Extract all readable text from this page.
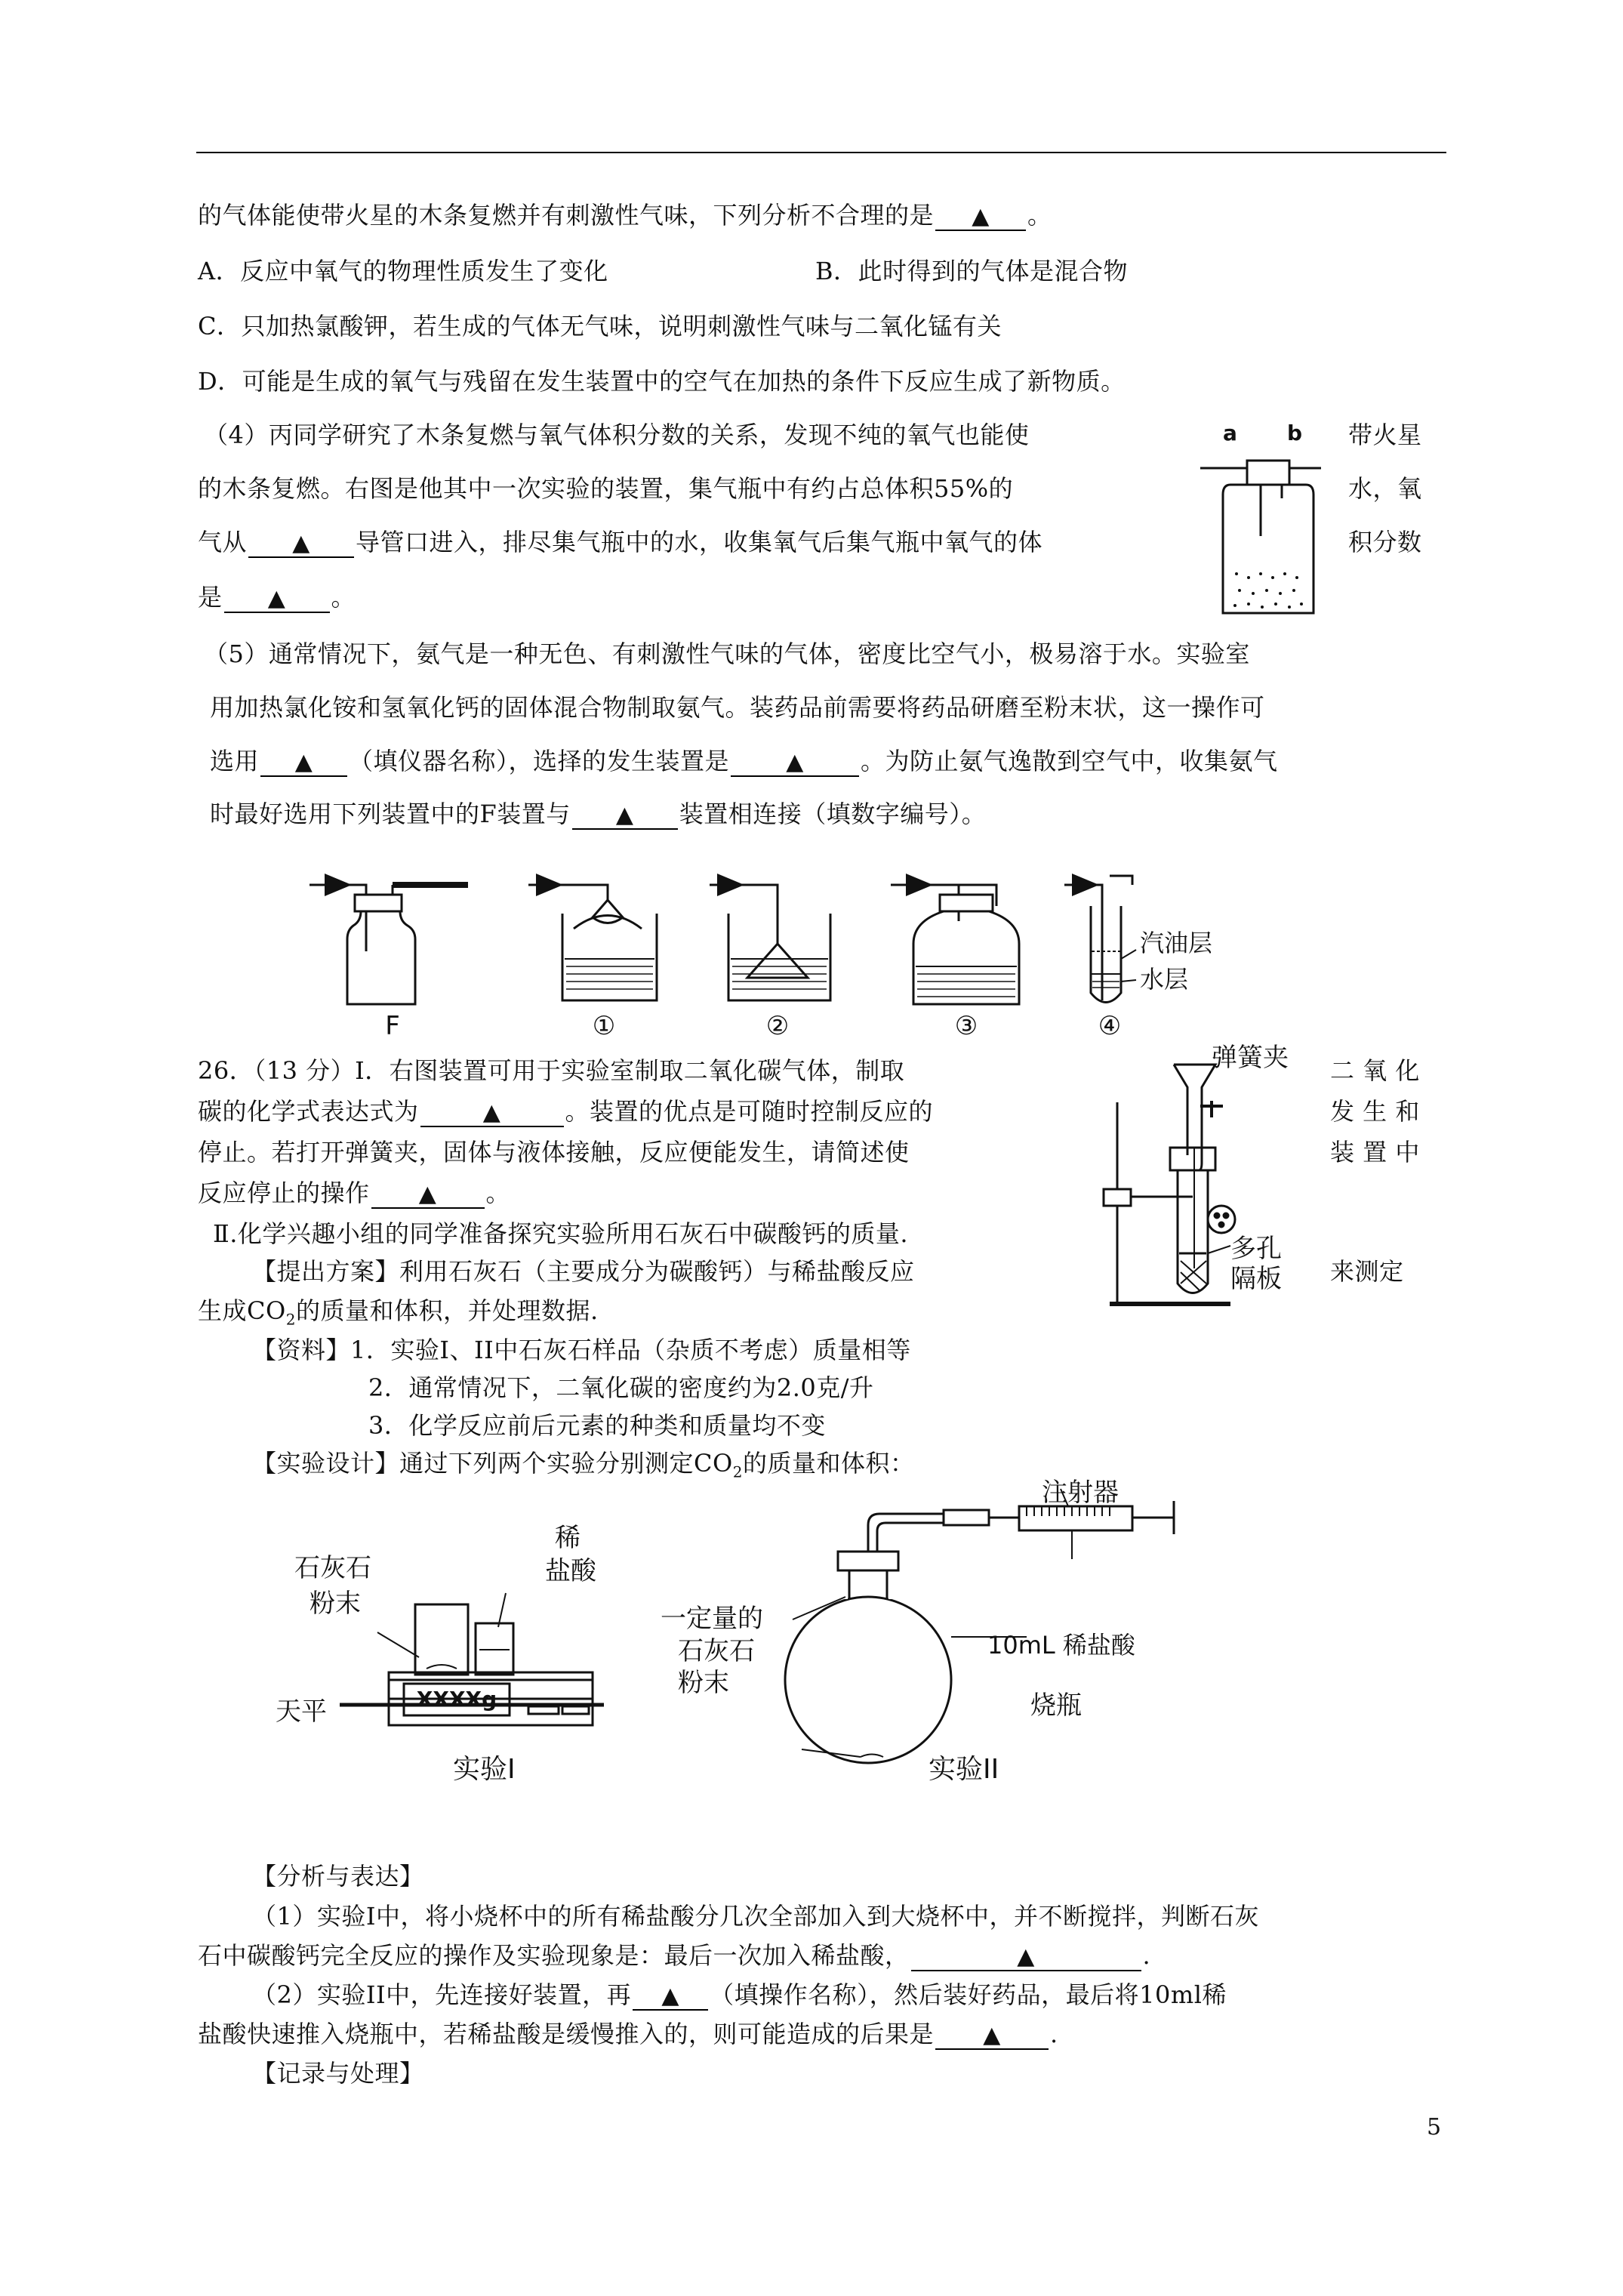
的气体能使带火星的木条复燃并有刺激性气味，下列分析不合理的是 ▲ 。
A．反应中氧气的物理性质发生了变化	B．此时得到的气体是混合物
C．只加热氯酸钾，若生成的气体无气味，说明刺激性气味与二氧化锰有关
D．可能是生成的氧气与残留在发生装置中的空气在加热的条件下反应生成了新物质。
（4）丙同学研究了木条复燃与氧气体积分数的关系，发现不纯的氧气也能使	带火星
的木条复燃。右图是他其中一次实验的装置，集气瓶中有约占总体积55%的	水，氧
气从 ▲ 导管口进入，排尽集气瓶中的水，收集氧气后集气瓶中氧气的体	积分数
是 ▲ 。
a b
（5）通常情况下，氨气是一种无色、有刺激性气味的气体，密度比空气小，极易溶于水。实验室
用加热氯化铵和氢氧化钙的固体混合物制取氨气。装药品前需要将药品研磨至粉末状，这一操作可
选用 ▲ （填仪器名称），选择的发生装置是	▲ 。为防止氨气逸散到空气中，收集氨气
时最好选用下列装置中的F装置与 ▲ 装置相连接（填数字编号）。
F	①	②	③	④
汽油层
水层
26．（13 分）Ⅰ．右图装置可用于实验室制取二氧化碳气体，制取	二 氧 化
碳的化学式表达式为	▲	。装置的优点是可随时控制反应的	发 生 和
停止。若打开弹簧夹，固体与液体接触，反应便能发生，请简述使	装 置 中
反应停止的操作 ▲ 。
Ⅱ.化学兴趣小组的同学准备探究实验所用石灰石中碳酸钙的质量.
【提出方案】利用石灰石（主要成分为碳酸钙）与稀盐酸反应	来测定
生成$CO_2$的质量和体积，并处理数据.
【资料】1．实验Ⅰ、II中石灰石样品（杂质不考虑）质量相等
2．通常情况下，二氧化碳的密度约为2.0克/升
3．化学反应前后元素的种类和质量均不变
【实验设计】通过下列两个实验分别测定$CO_2$的质量和体积：
弹簧夹
多孔
隔板
XXXXg
石灰石
粉末
稀
盐酸
天平
实验I
注射器
一定量的
石灰石
粉末
10mL 稀盐酸
烧瓶
实验II
【分析与表达】
（1）实验Ⅰ中，将小烧杯中的所有稀盐酸分几次全部加入到大烧杯中，并不断搅拌，判断石灰
石中碳酸钙完全反应的操作及实验现象是：最后一次加入稀盐酸，	▲	.
（2）实验II中，先连接好装置，再 ▲ （填操作名称），然后装好药品，最后将10ml稀
盐酸快速推入烧瓶中，若稀盐酸是缓慢推入的，则可能造成的后果是 ▲ .
【记录与处理】
5
